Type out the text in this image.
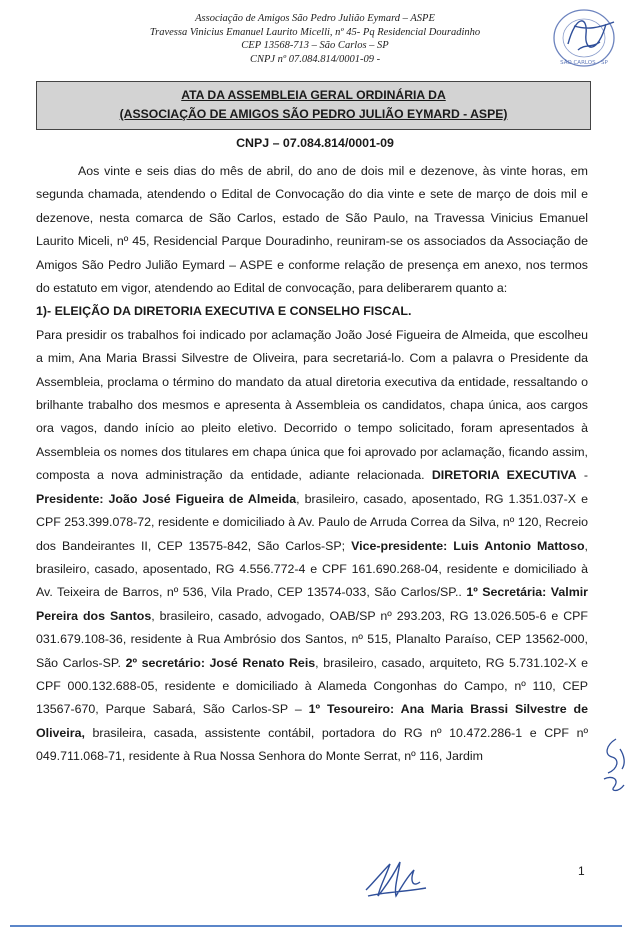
Associação de Amigos São Pedro Julião Eymard – ASPE
Travessa Vinicius Emanuel Laurito Micelli, nº 45- Pq Residencial Douradinho
CEP 13568-713 – São Carlos – SP
CNPJ nº 07.084.814/0001-09 -	SÃO CARLOS - SP
ATA DA ASSEMBLEIA GERAL ORDINÁRIA DA
(ASSOCIAÇÃO DE AMIGOS SÃO PEDRO JULIÃO EYMARD - ASPE)
CNPJ – 07.084.814/0001-09

Aos vinte e seis dias do mês de abril, do ano de dois mil e dezenove, às vinte horas, em segunda chamada, atendendo o Edital de Convocação do dia vinte e sete de março de dois mil e dezenove, nesta comarca de São Carlos, estado de São Paulo, na Travessa Vinicius Emanuel Laurito Miceli, nº 45, Residencial Parque Douradinho, reuniram-se os associados da Associação de Amigos São Pedro Julião Eymard – ASPE e conforme relação de presença em anexo, nos termos do estatuto em vigor, atendendo ao Edital de convocação, para deliberarem quanto a:

1)- ELEIÇÃO DA DIRETORIA EXECUTIVA E CONSELHO FISCAL.

Para presidir os trabalhos foi indicado por aclamação João José Figueira de Almeida, que escolheu a mim, Ana Maria Brassi Silvestre de Oliveira, para secretariá-lo. Com a palavra o Presidente da Assembleia, proclama o término do mandato da atual diretoria executiva da entidade, ressaltando o brilhante trabalho dos mesmos e apresenta à Assembleia os candidatos, chapa única, aos cargos ora vagos, dando início ao pleito eletivo. Decorrido o tempo solicitado, foram apresentados à Assembleia os nomes dos titulares em chapa única que foi aprovado por aclamação, ficando assim, composta a nova administração da entidade, adiante relacionada. DIRETORIA EXECUTIVA - Presidente: João José Figueira de Almeida, brasileiro, casado, aposentado, RG 1.351.037-X e CPF 253.399.078-72, residente e domiciliado à Av. Paulo de Arruda Correa da Silva, nº 120, Recreio dos Bandeirantes II, CEP 13575-842, São Carlos-SP; Vice-presidente: Luis Antonio Mattoso, brasileiro, casado, aposentado, RG 4.556.772-4 e CPF 161.690.268-04, residente e domiciliado à Av. Teixeira de Barros, nº 536, Vila Prado, CEP 13574-033, São Carlos/SP.. 1º Secretária: Valmir Pereira dos Santos, brasileiro, casado, advogado, OAB/SP nº 293.203, RG 13.026.505-6 e CPF 031.679.108-36, residente à Rua Ambrósio dos Santos, nº 515, Planalto Paraíso, CEP 13562-000, São Carlos-SP. 2º secretário: José Renato Reis, brasileiro, casado, arquiteto, RG 5.731.102-X e CPF 000.132.688-05, residente e domiciliado à Alameda Congonhas do Campo, nº 110, CEP 13567-670, Parque Sabará, São Carlos-SP – 1º Tesoureiro: Ana Maria Brassi Silvestre de Oliveira, brasileira, casada, assistente contábil, portadora do RG nº 10.472.286-1 e CPF nº 049.711.068-71, residente à Rua Nossa Senhora do Monte Serrat, nº 116, Jardim

1
